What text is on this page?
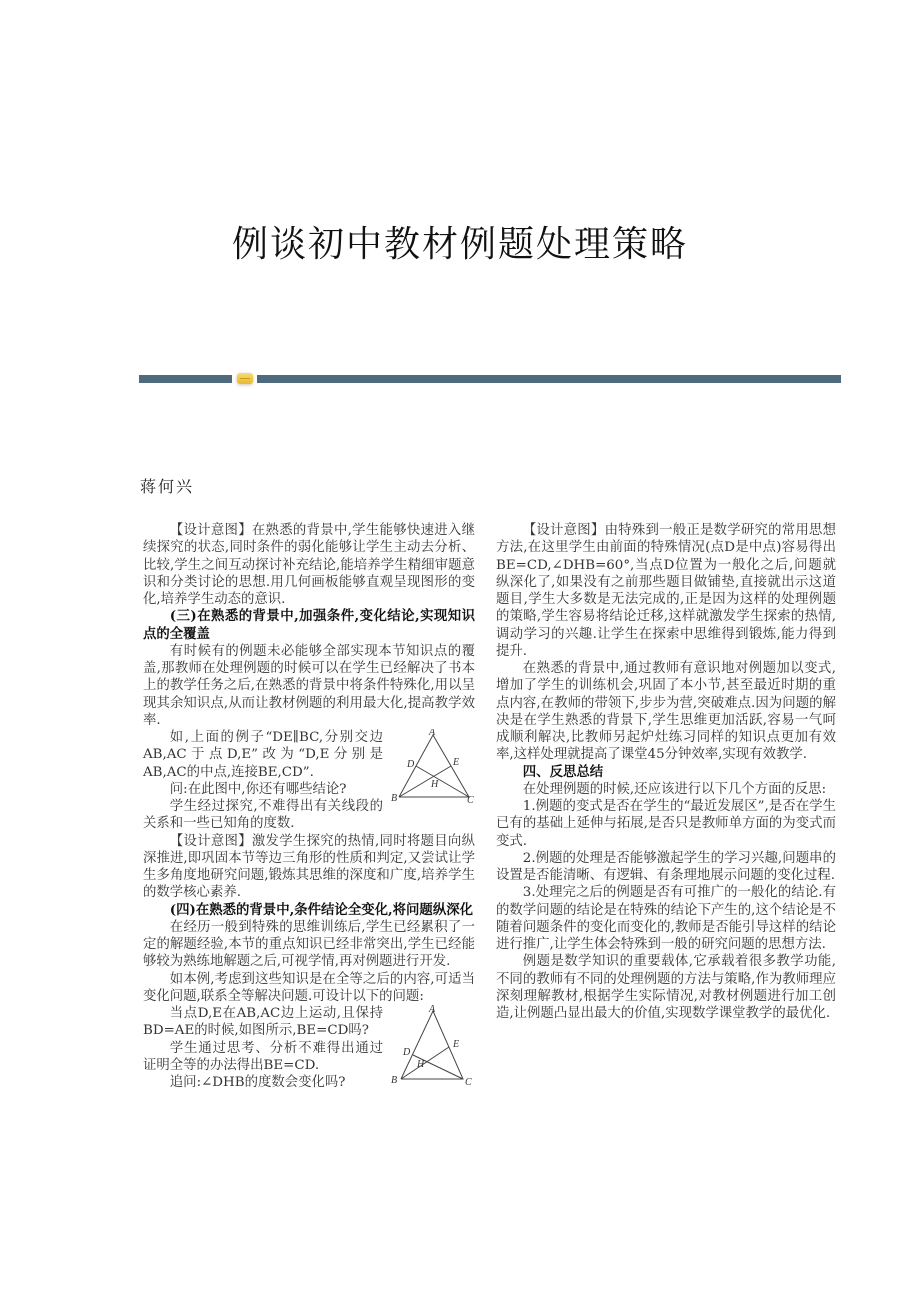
例谈初中教材例题处理策略
蒋何兴

【设计意图】在熟悉的背景中,学生能够快速进入继续探究的状态,同时条件的弱化能够让学生主动去分析、比较,学生之间互动探讨补充结论,能培养学生精细审题意识和分类讨论的思想.用几何画板能够直观呈现图形的变化,培养学生动态的意识.

(三)在熟悉的背景中,加强条件,变化结论,实现知识点的全覆盖

有时候有的例题未必能够全部实现本节知识点的覆盖,那教师在处理例题的时候可以在学生已经解决了书本上的教学任务之后,在熟悉的背景中将条件特殊化,用以呈现其余知识点,从而让教材例题的利用最大化,提高教学效率.

A
B	C
D	E
H

如,上面的例子“DE∥BC,分别交边AB,AC于点D,E”改为“D,E分别是AB,AC的中点,连接BE,CD”.

问:在此图中,你还有哪些结论?

学生经过探究,不难得出有关线段的关系和一些已知角的度数.

【设计意图】激发学生探究的热情,同时将题目向纵深推进,即巩固本节等边三角形的性质和判定,又尝试让学生多角度地研究问题,锻炼其思维的深度和广度,培养学生的数学核心素养.

(四)在熟悉的背景中,条件结论全变化,将问题纵深化

在经历一般到特殊的思维训练后,学生已经累积了一定的解题经验,本节的重点知识已经非常突出,学生已经能够较为熟练地解题之后,可视学情,再对例题进行开发.

如本例,考虑到这些知识是在全等之后的内容,可适当变化问题,联系全等解决问题.可设计以下的问题:

A
B	C
D
E
H

当点D,E在AB,AC边上运动,且保持BD=AE的时候,如图所示,BE=CD吗?

学生通过思考、分析不难得出通过证明全等的办法得出BE=CD.

追问:∠DHB的度数会变化吗?

【设计意图】由特殊到一般正是数学研究的常用思想方法,在这里学生由前面的特殊情况(点D是中点)容易得出BE=CD,∠DHB=60°,当点D位置为一般化之后,问题就纵深化了,如果没有之前那些题目做铺垫,直接就出示这道题目,学生大多数是无法完成的,正是因为这样的处理例题的策略,学生容易将结论迁移,这样就激发学生探索的热情,调动学习的兴趣.让学生在探索中思维得到锻炼,能力得到提升.

在熟悉的背景中,通过教师有意识地对例题加以变式,增加了学生的训练机会,巩固了本小节,甚至最近时期的重点内容,在教师的带领下,步步为营,突破难点.因为问题的解决是在学生熟悉的背景下,学生思维更加活跃,容易一气呵成顺利解决,比教师另起炉灶练习同样的知识点更加有效率,这样处理就提高了课堂45分钟效率,实现有效教学.

四、反思总结

在处理例题的时候,还应该进行以下几个方面的反思:

1.例题的变式是否在学生的“最近发展区”,是否在学生已有的基础上延伸与拓展,是否只是教师单方面的为变式而变式.

2.例题的处理是否能够激起学生的学习兴趣,问题串的设置是否能清晰、有逻辑、有条理地展示问题的变化过程.

3.处理完之后的例题是否有可推广的一般化的结论.有的数学问题的结论是在特殊的结论下产生的,这个结论是不随着问题条件的变化而变化的,教师是否能引导这样的结论进行推广,让学生体会特殊到一般的研究问题的思想方法.

例题是数学知识的重要载体,它承载着很多教学功能,不同的教师有不同的处理例题的方法与策略,作为教师理应深刻理解教材,根据学生实际情况,对教材例题进行加工创造,让例题凸显出最大的价值,实现数学课堂教学的最优化.
